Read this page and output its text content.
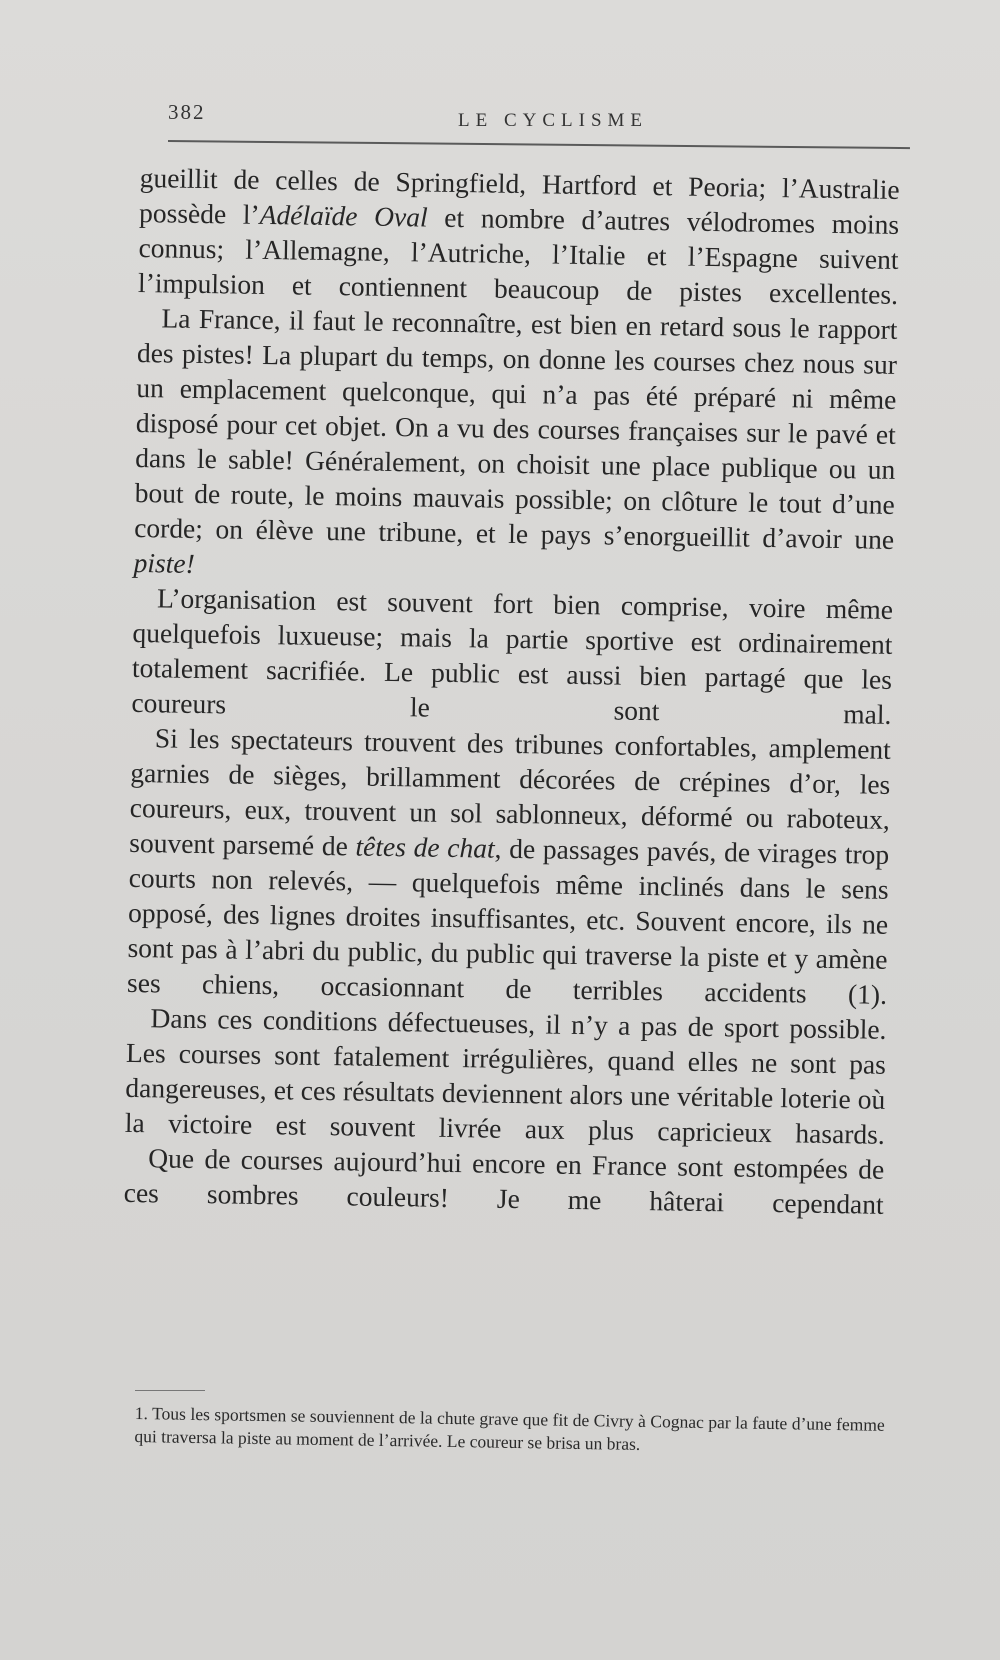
382	LE CYCLISME

gueillit de celles de Springfield, Hartford et Peoria; l’Australie possède l’Adélaïde Oval et nombre d’autres vélodromes moins connus; l’Allemagne, l’Autriche, l’Italie et l’Espagne suivent l’impulsion et contiennent beaucoup de pistes excellentes.

La France, il faut le reconnaître, est bien en retard sous le rapport des pistes! La plupart du temps, on donne les courses chez nous sur un emplacement quelconque, qui n’a pas été préparé ni même disposé pour cet objet. On a vu des courses françaises sur le pavé et dans le sable! Généralement, on choisit une place publique ou un bout de route, le moins mauvais possible; on clôture le tout d’une corde; on élève une tribune, et le pays s’enorgueillit d’avoir une piste!

L’organisation est souvent fort bien comprise, voire même quelquefois luxueuse; mais la partie sportive est ordinairement totalement sacrifiée. Le public est aussi bien partagé que les coureurs le sont mal.

Si les spectateurs trouvent des tribunes confortables, amplement garnies de sièges, brillamment décorées de crépines d’or, les coureurs, eux, trouvent un sol sablonneux, déformé ou raboteux, souvent parsemé de têtes de chat, de passages pavés, de virages trop courts non relevés, — quelquefois même inclinés dans le sens opposé, des lignes droites insuffisantes, etc. Souvent encore, ils ne sont pas à l’abri du public, du public qui traverse la piste et y amène ses chiens, occasionnant de terribles accidents (1).

Dans ces conditions défectueuses, il n’y a pas de sport possible. Les courses sont fatalement irrégulières, quand elles ne sont pas dangereuses, et ces résultats deviennent alors une véritable loterie où la victoire est souvent livrée aux plus capricieux hasards.

Que de courses aujourd’hui encore en France sont estompées de ces sombres couleurs! Je me hâterai cependant

1. Tous les sportsmen se souviennent de la chute grave que fit de Civry à Cognac par la faute d’une femme qui traversa la piste au moment de l’arrivée. Le coureur se brisa un bras.
